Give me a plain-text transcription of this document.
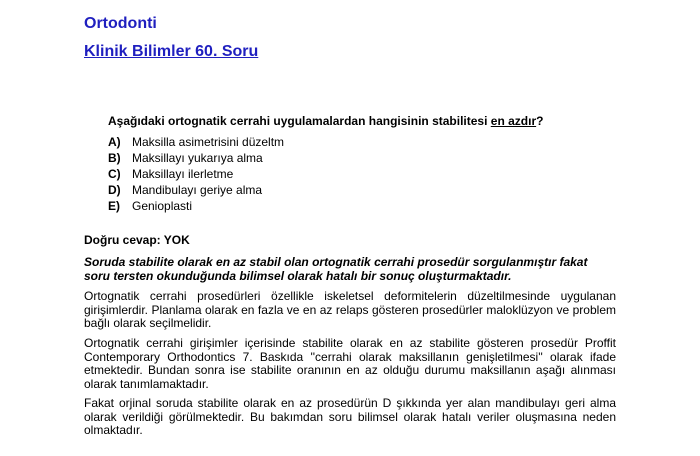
Ortodonti
Klinik Bilimler 60. Soru

Aşağıdaki ortognatik cerrahi uygulamalardan hangisinin stabilitesi en azdır?

A) Maksilla asimetrisini düzeltm
B) Maksillayı yukarıya alma
C) Maksillayı ilerletme
D) Mandibulayı geriye alma
E)	Genioplasti

Doğru cevap: YOK

Soruda stabilite olarak en az stabil olan ortognatik cerrahi prosedür sorgulanmıştır fakat soru tersten okunduğunda bilimsel olarak hatalı bir sonuç oluşturmaktadır.

Ortognatik cerrahi prosedürleri özellikle iskeletsel deformitelerin düzeltilmesinde uygulanan girişimlerdir. Planlama olarak en fazla ve en az relaps gösteren prosedürler maloklüzyon ve problem bağlı olarak seçilmelidir.

Ortognatik cerrahi girişimler içerisinde stabilite olarak en az stabilite gösteren prosedür Proffit Contemporary Orthodontics 7. Baskıda ''cerrahi olarak maksillanın genişletilmesi'' olarak ifade etmektedir. Bundan sonra ise stabilite oranının en az olduğu durumu maksillanın aşağı alınması olarak tanımlamaktadır.

Fakat orjinal soruda stabilite olarak en az prosedürün D şıkkında yer alan mandibulayı geri alma olarak verildiği görülmektedir. Bu bakımdan soru bilimsel olarak hatalı veriler oluşmasına neden olmaktadır.
